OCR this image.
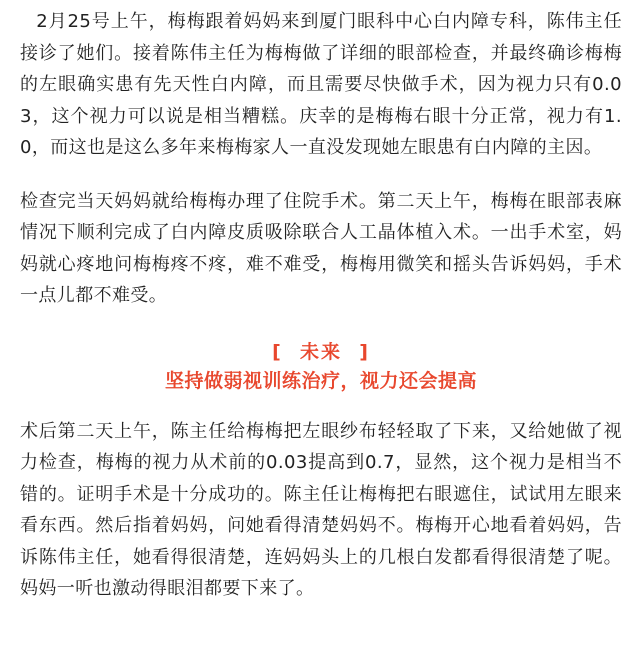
2月25号上午，梅梅跟着妈妈来到厦门眼科中心白内障专科，陈伟主任接诊了她们。接着陈伟主任为梅梅做了详细的眼部检查，并最终确诊梅梅的左眼确实患有先天性白内障，而且需要尽快做手术，因为视力只有0.03，这个视力可以说是相当糟糕。庆幸的是梅梅右眼十分正常，视力有1.0，而这也是这么多年来梅梅家人一直没发现她左眼患有白内障的主因。

检查完当天妈妈就给梅梅办理了住院手术。第二天上午，梅梅在眼部表麻情况下顺利完成了白内障皮质吸除联合人工晶体植入术。一出手术室，妈妈就心疼地问梅梅疼不疼，难不难受，梅梅用微笑和摇头告诉妈妈，手术一点儿都不难受。

[  未来  ]
坚持做弱视训练治疗，视力还会提高

术后第二天上午，陈主任给梅梅把左眼纱布轻轻取了下来，又给她做了视力检查，梅梅的视力从术前的0.03提高到0.7，显然，这个视力是相当不错的。证明手术是十分成功的。陈主任让梅梅把右眼遮住，试试用左眼来看东西。然后指着妈妈，问她看得清楚妈妈不。梅梅开心地看着妈妈，告诉陈伟主任，她看得很清楚，连妈妈头上的几根白发都看得很清楚了呢。妈妈一听也激动得眼泪都要下来了。
